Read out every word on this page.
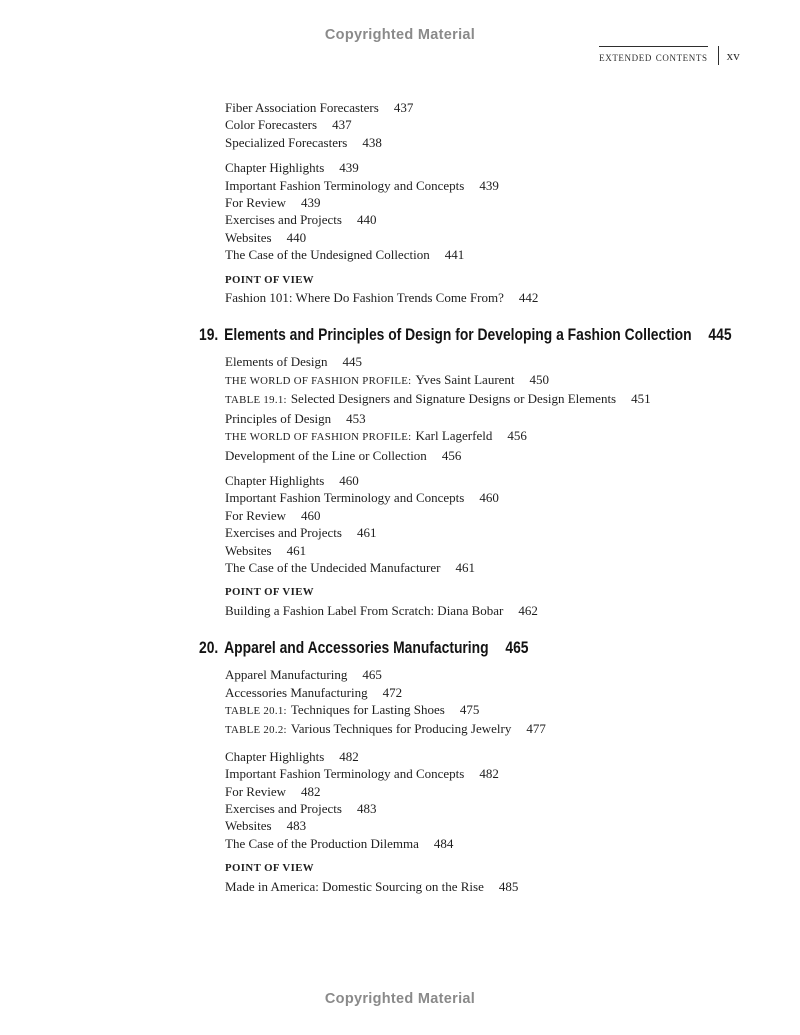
Copyrighted Material
extended contents xv
Fiber Association Forecasters 437
Color Forecasters 437
Specialized Forecasters 438
Chapter Highlights 439
Important Fashion Terminology and Concepts 439
For Review 439
Exercises and Projects 440
Websites 440
The Case of the Undesigned Collection 441
POINT OF VIEW
Fashion 101: Where Do Fashion Trends Come From? 442
19. Elements and Principles of Design for Developing a Fashion Collection 445
Elements of Design 445
THE WORLD OF FASHION PROFILE: Yves Saint Laurent 450
TABLE 19.1: Selected Designers and Signature Designs or Design Elements 451
Principles of Design 453
THE WORLD OF FASHION PROFILE: Karl Lagerfeld 456
Development of the Line or Collection 456
Chapter Highlights 460
Important Fashion Terminology and Concepts 460
For Review 460
Exercises and Projects 461
Websites 461
The Case of the Undecided Manufacturer 461
POINT OF VIEW
Building a Fashion Label From Scratch: Diana Bobar 462
20. Apparel and Accessories Manufacturing 465
Apparel Manufacturing 465
Accessories Manufacturing 472
TABLE 20.1: Techniques for Lasting Shoes 475
TABLE 20.2: Various Techniques for Producing Jewelry 477
Chapter Highlights 482
Important Fashion Terminology and Concepts 482
For Review 482
Exercises and Projects 483
Websites 483
The Case of the Production Dilemma 484
POINT OF VIEW
Made in America: Domestic Sourcing on the Rise 485
Copyrighted Material
